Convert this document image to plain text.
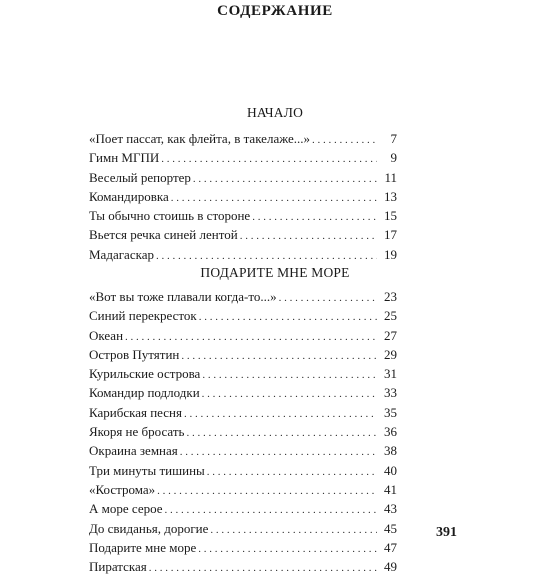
СОДЕРЖАНИЕ
НАЧАЛО
«Поет пассат, как флейта, в такелаже...» . . .	7
Гимн МГПИ . . .	9
Веселый репортер . . .	11
Командировка . . .	13
Ты обычно стоишь в стороне . . .	15
Вьется речка синей лентой . . .	17
Мадагаскар . . .	19
ПОДАРИТЕ МНЕ МОРЕ
«Вот вы тоже плавали когда-то...» . . .	23
Синий перекресток . . .	25
Океан . . .	27
Остров Путятин . . .	29
Курильские острова . . .	31
Командир подлодки . . .	33
Карибская песня . . .	35
Якоря не бросать . . .	36
Окраина земная . . .	38
Три минуты тишины . . .	40
«Кострома» . . .	41
А море серое . . .	43
До свиданья, дорогие . . .	45
Подарите мне море . . .	47
Пиратская . . .	49
391
